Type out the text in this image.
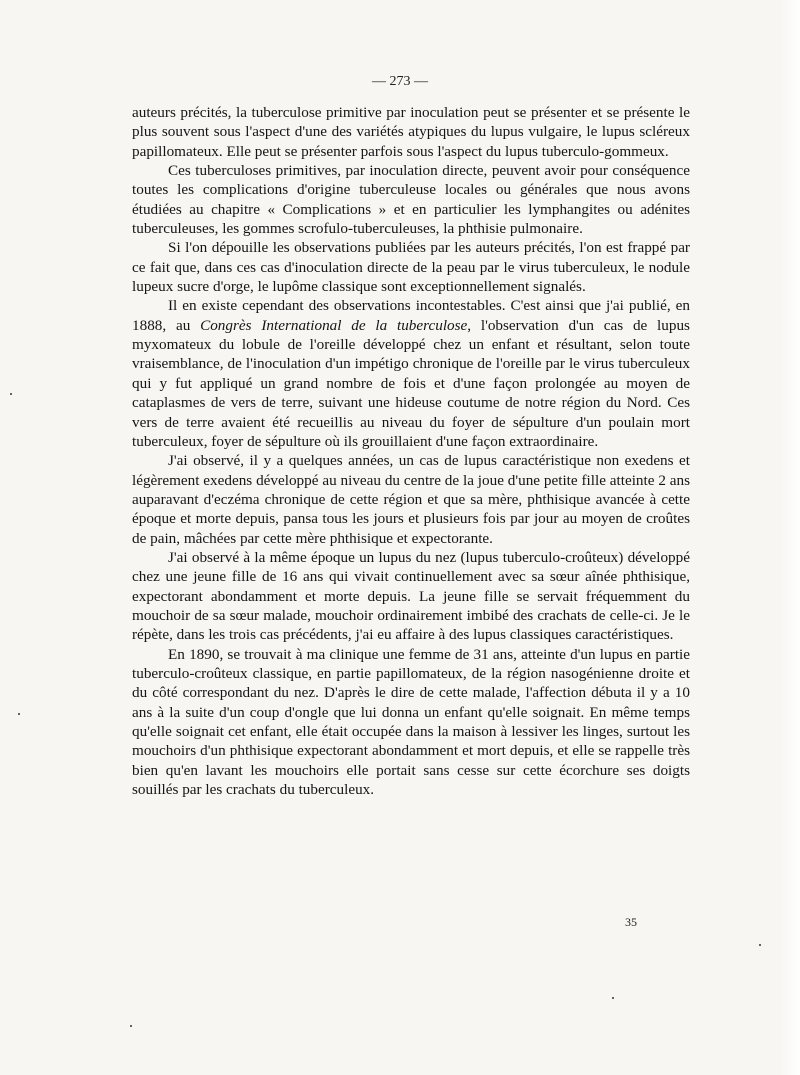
— 273 —

auteurs précités, la tuberculose primitive par inoculation peut se présenter et se présente le plus souvent sous l'aspect d'une des variétés atypiques du lupus vulgaire, le lupus scléreux papillomateux. Elle peut se présenter parfois sous l'aspect du lupus tuberculo-gommeux.

Ces tuberculoses primitives, par inoculation directe, peuvent avoir pour conséquence toutes les complications d'origine tuberculeuse locales ou générales que nous avons étudiées au chapitre « Complications » et en particulier les lymphangites ou adénites tuberculeuses, les gommes scrofulo-tuberculeuses, la phthisie pulmonaire.

Si l'on dépouille les observations publiées par les auteurs précités, l'on est frappé par ce fait que, dans ces cas d'inoculation directe de la peau par le virus tuberculeux, le nodule lupeux sucre d'orge, le lupôme classique sont exceptionnellement signalés.

Il en existe cependant des observations incontestables. C'est ainsi que j'ai publié, en 1888, au Congrès International de la tuberculose, l'observation d'un cas de lupus myxomateux du lobule de l'oreille développé chez un enfant et résultant, selon toute vraisemblance, de l'inoculation d'un impétigo chronique de l'oreille par le virus tuberculeux qui y fut appliqué un grand nombre de fois et d'une façon prolongée au moyen de cataplasmes de vers de terre, suivant une hideuse coutume de notre région du Nord. Ces vers de terre avaient été recueillis au niveau du foyer de sépulture d'un poulain mort tuberculeux, foyer de sépulture où ils grouillaient d'une façon extraordinaire.

J'ai observé, il y a quelques années, un cas de lupus caractéristique non exedens et légèrement exedens développé au niveau du centre de la joue d'une petite fille atteinte 2 ans auparavant d'eczéma chronique de cette région et que sa mère, phthisique avancée à cette époque et morte depuis, pansa tous les jours et plusieurs fois par jour au moyen de croûtes de pain, mâchées par cette mère phthisique et expectorante.

J'ai observé à la même époque un lupus du nez (lupus tuberculo-croûteux) développé chez une jeune fille de 16 ans qui vivait continuellement avec sa sœur aînée phthisique, expectorant abondamment et morte depuis. La jeune fille se servait fréquemment du mouchoir de sa sœur malade, mouchoir ordinairement imbibé des crachats de celle-ci. Je le répète, dans les trois cas précédents, j'ai eu affaire à des lupus classiques caractéristiques.

En 1890, se trouvait à ma clinique une femme de 31 ans, atteinte d'un lupus en partie tuberculo-croûteux classique, en partie papillomateux, de la région nasogénienne droite et du côté correspondant du nez. D'après le dire de cette malade, l'affection débuta il y a 10 ans à la suite d'un coup d'ongle que lui donna un enfant qu'elle soignait. En même temps qu'elle soignait cet enfant, elle était occupée dans la maison à lessiver les linges, surtout les mouchoirs d'un phthisique expectorant abondamment et mort depuis, et elle se rappelle très bien qu'en lavant les mouchoirs elle portait sans cesse sur cette écorchure ses doigts souillés par les crachats du tuberculeux.

35
